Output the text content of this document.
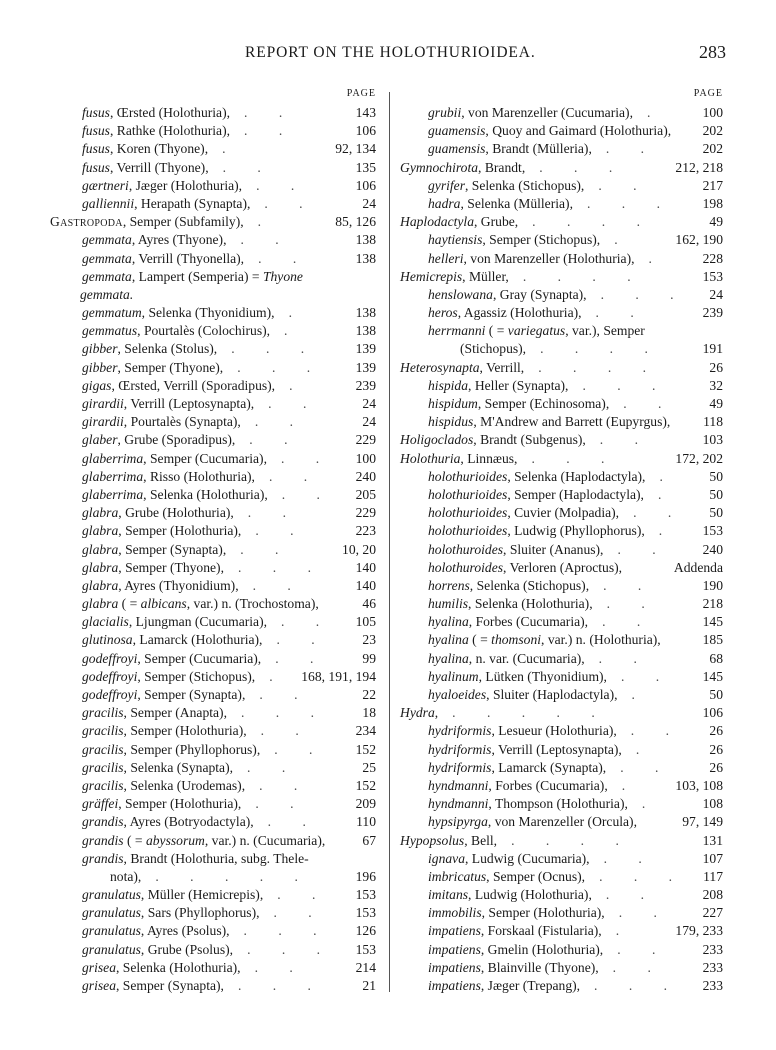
REPORT ON THE HOLOTHURIOIDEA.	283
PAGE
fusus, Œrsted (Holothuria), . .	143
fusus, Rathke (Holothuria), . .	106
fusus, Koren (Thyone), .	92, 134
fusus, Verrill (Thyone), . .	135
gærtneri, Jæger (Holothuria), . .	106
galliennii, Herapath (Synapta), . .	24
Gastropoda, Semper (Subfamily), .	85, 126
gemmata, Ayres (Thyone), . .	138
gemmata, Verrill (Thyonella), . .	138
gemmata, Lampert (Semperia) = Thyone
gemmata.
gemmatum, Selenka (Thyonidium), .	138
gemmatus, Pourtalès (Colochirus), .	138
gibber, Selenka (Stolus), . . .	139
gibber, Semper (Thyone), . . . 139
gigas, Œrsted, Verrill (Sporadipus), .	239
girardii, Verrill (Leptosynapta), . .	24
girardii, Pourtalès (Synapta), . .	24
glaber, Grube (Sporadipus), . .	229
glaberrima, Semper (Cucumaria), . . 100
glaberrima, Risso (Holothuria), . .	240
glaberrima, Selenka (Holothuria), . . 205
glabra, Grube (Holothuria), . .	229
glabra, Semper (Holothuria), . .	223
glabra, Semper (Synapta), . .	10, 20
glabra, Semper (Thyone), . . . 140
glabra, Ayres (Thyonidium), . .	140
glabra ( = albicans, var.) n. (Trochostoma),	46
glacialis, Ljungman (Cucumaria), . . 105
glutinosa, Lamarck (Holothuria), . . 23
godeffroyi, Semper (Cucumaria), . .	99
godeffroyi, Semper (Stichopus), . 168, 191, 194
godeffroyi, Semper (Synapta), . .	22
gracilis, Semper (Anapta), . . .	18
gracilis, Semper (Holothuria), . .	234
gracilis, Semper (Phyllophorus), . . 152
gracilis, Selenka (Synapta), . .	25
gracilis, Selenka (Urodemas), . .	152
gräffei, Semper (Holothuria), . .	209
grandis, Ayres (Botryodactyla), . .	110
grandis ( = abyssorum, var.) n. (Cucumaria),	67
grandis, Brandt (Holothuria, subg. Thele-
nota), . . . . .	196
granulatus, Müller (Hemicrepis), . . 153
granulatus, Sars (Phyllophorus), . . 153
granulatus, Ayres (Psolus), . . . 126
granulatus, Grube (Psolus), . . . 153
grisea, Selenka (Holothuria), . .	214
grisea, Semper (Synapta), . . .	21
PAGE
grubii, von Marenzeller (Cucumaria), .	100
guamensis, Quoy and Gaimard (Holothuria), 202
guamensis, Brandt (Mülleria), . .	202
Gymnochirota, Brandt, . . .	212, 218
gyrifer, Selenka (Stichopus), . .	217
hadra, Selenka (Mülleria), . . . 198
Haplodactyla, Grube, . . . .	49
haytiensis, Semper (Stichopus), .	162, 190
helleri, von Marenzeller (Holothuria), .	228
Hemicrepis, Müller, . . . .	153
henslowana, Gray (Synapta), . . . 24
heros, Agassiz (Holothuria), . .	239
herrmanni ( = variegatus, var.), Semper
(Stichopus), . . . .	191
Heterosynapta, Verrill, . . . .	26
hispida, Heller (Synapta), . . .	32
hispidum, Semper (Echinosoma), . . 49
hispidus, M'Andrew and Barrett (Eupyrgus), 118
Holigoclados, Brandt (Subgenus), . .	103
Holothuria, Linnæus, . . .	172, 202
holothurioides, Selenka (Haplodactyla), . 50
holothurioides, Semper (Haplodactyla), .	50
holothurioides, Cuvier (Molpadia), . . 50
holothurioides, Ludwig (Phyllophorus), . 153
holothuroides, Sluiter (Ananus), . . 240
holothuroides, Verloren (Aproctus),	Addenda
horrens, Selenka (Stichopus), . .	190
humilis, Selenka (Holothuria), . .	218
hyalina, Forbes (Cucumaria), . .	145
hyalina ( = thomsoni, var.) n. (Holothuria),	185
hyalina, n. var. (Cucumaria), . .	68
hyalinum, Lütken (Thyonidium), . . 145
hyaloeides, Sluiter (Haplodactyla), .	50
Hydra, . . . . .	106
hydriformis, Lesueur (Holothuria), . . 26
hydriformis, Verrill (Leptosynapta), .	26
hydriformis, Lamarck (Synapta), . .	26
hyndmanni, Forbes (Cucumaria), .	103, 108
hyndmanni, Thompson (Holothuria), .	108
hypsipyrga, von Marenzeller (Orcula),	97, 149
Hypopsolus, Bell, . . . .	131
ignava, Ludwig (Cucumaria), . .	107
imbricatus, Semper (Ocnus), . . . 117
imitans, Ludwig (Holothuria), . .	208
immobilis, Semper (Holothuria), . . 227
impatiens, Forskaal (Fistularia), .	179, 233
impatiens, Gmelin (Holothuria), . . 233
impatiens, Blainville (Thyone), . .	233
impatiens, Jæger (Trepang), . . . 233
